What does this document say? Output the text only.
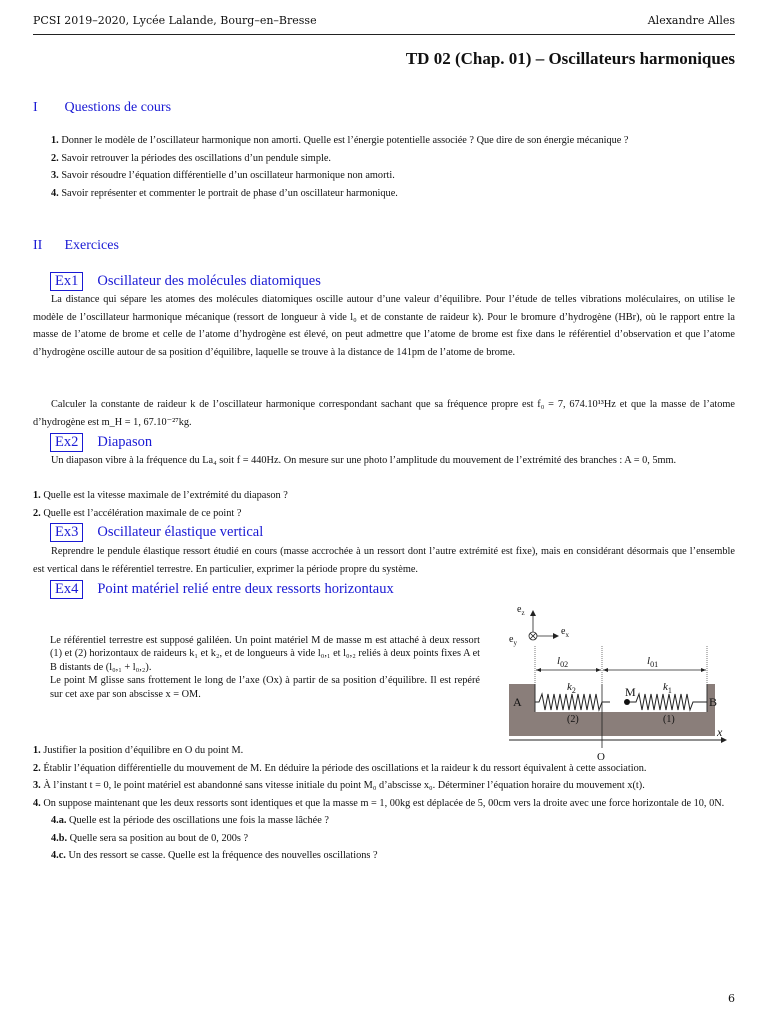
PCSI 2019–2020, Lycée Lalande, Bourg–en–Bresse	Alexandre Alles
TD 02 (Chap. 01) – Oscillateurs harmoniques
I Questions de cours
1. Donner le modèle de l’oscillateur harmonique non amorti. Quelle est l’énergie potentielle associée ? Que dire de son énergie mécanique ?
2. Savoir retrouver la périodes des oscillations d’un pendule simple.
3. Savoir résoudre l’équation différentielle d’un oscillateur harmonique non amorti.
4. Savoir représenter et commenter le portrait de phase d’un oscillateur harmonique.
II Exercices
Ex1	Oscillateur des molécules diatomiques
La distance qui sépare les atomes des molécules diatomiques oscille autour d’une valeur d’équilibre. Pour l’étude de telles vibrations moléculaires, on utilise le modèle de l’oscillateur harmonique mécanique (ressort de longueur à vide l₀ et de constante de raideur k). Pour le bromure d’hydrogène (HBr), où le rapport entre la masse de l’atome de brome et celle de l’atome d’hydrogène est élevé, on peut admettre que l’atome de brome est fixe dans le référentiel d’observation et que l’atome d’hydrogène oscille autour de sa position d’équilibre, laquelle se trouve à la distance de 141pm de l’atome de brome.
Calculer la constante de raideur k de l’oscillateur harmonique correspondant sachant que sa fréquence propre est f₀ = 7, 674.10¹³Hz et que la masse de l’atome d’hydrogène est m_H = 1, 67.10⁻²⁷kg.
Ex2	Diapason
Un diapason vibre à la fréquence du La₄ soit f = 440Hz. On mesure sur une photo l’amplitude du mouvement de l’extrémité des branches : A = 0, 5mm.
1. Quelle est la vitesse maximale de l’extrémité du diapason ?
2. Quelle est l’accélération maximale de ce point ?
Ex3	Oscillateur élastique vertical
Reprendre le pendule élastique ressort étudié en cours (masse accrochée à un ressort dont l’autre extrémité est fixe), mais en considérant désormais que l’ensemble est vertical dans le référentiel terrestre. En particulier, exprimer la période propre du système.
Ex4	Point matériel relié entre deux ressorts horizontaux
Le référentiel terrestre est supposé galiléen. Un point matériel M de masse m est attaché à deux ressort (1) et (2) horizontaux de raideurs k₁ et k₂, et de longueurs à vide l₀,₁ et l₀,₂ reliés à deux points fixes A et B distants de (l₀,₁ + l₀,₂).
Le point M glisse sans frottement le long de l’axe (Ox) à partir de sa position d’équilibre. Il est repéré sur cet axe par son abscisse x = OM.
$e_z$
$e_y$
$e_x$
$l_{02}$	$l_{01}$
$k_2$	$k_1$
M
A	B
(2)	(1)
O
x
1. Justifier la position d’équilibre en O du point M.
2. Établir l’équation différentielle du mouvement de M. En déduire la période des oscillations et la raideur k du ressort équivalent à cette association.
3. À l’instant t = 0, le point matériel est abandonné sans vitesse initiale du point M₀ d’abscisse x₀. Déterminer l’équation horaire du mouvement x(t).
4. On suppose maintenant que les deux ressorts sont identiques et que la masse m = 1, 00kg est déplacée de 5, 00cm vers la droite avec une force horizontale de 10, 0N.
4.a. Quelle est la période des oscillations une fois la masse lâchée ?
4.b. Quelle sera sa position au bout de 0, 200s ?
4.c. Un des ressort se casse. Quelle est la fréquence des nouvelles oscillations ?
6
